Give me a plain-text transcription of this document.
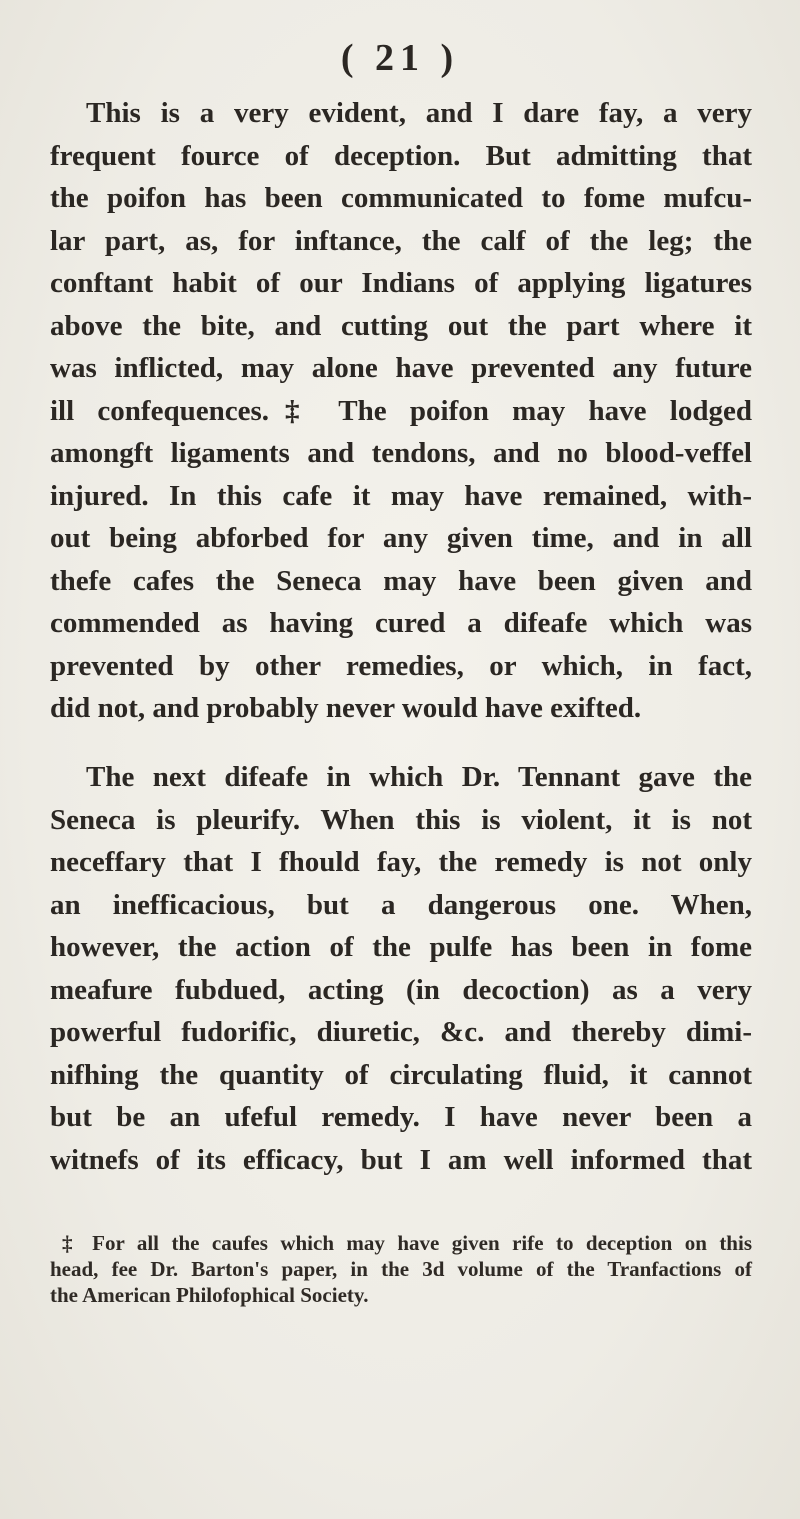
( 21 )
This is a very evident, and I dare fay, a very
frequent fource of deception. But admitting that
the poifon has been communicated to fome mufcu-
lar part, as, for inftance, the calf of the leg; the
conftant habit of our Indians of applying ligatures
above the bite, and cutting out the part where it
was inflicted, may alone have prevented any future
ill confequences.‡ The poifon may have lodged
amongft ligaments and tendons, and no blood-veffel
injured. In this cafe it may have remained, with-
out being abforbed for any given time, and in all
thefe cafes the Seneca may have been given and
commended as having cured a difeafe which was
prevented by other remedies, or which, in fact,
did not, and probably never would have exifted.
The next difeafe in which Dr. Tennant gave the
Seneca is pleurify. When this is violent, it is not
neceffary that I fhould fay, the remedy is not only
an inefficacious, but a dangerous one. When,
however, the action of the pulfe has been in fome
meafure fubdued, acting (in decoction) as a very
powerful fudorific, diuretic, &c. and thereby dimi-
nifhing the quantity of circulating fluid, it cannot
but be an ufeful remedy. I have never been a
witnefs of its efficacy, but I am well informed that
‡ For all the caufes which may have given rife to deception on this
head, fee Dr. Barton's paper, in the 3d volume of the Tranfactions of
the American Philofophical Society.
